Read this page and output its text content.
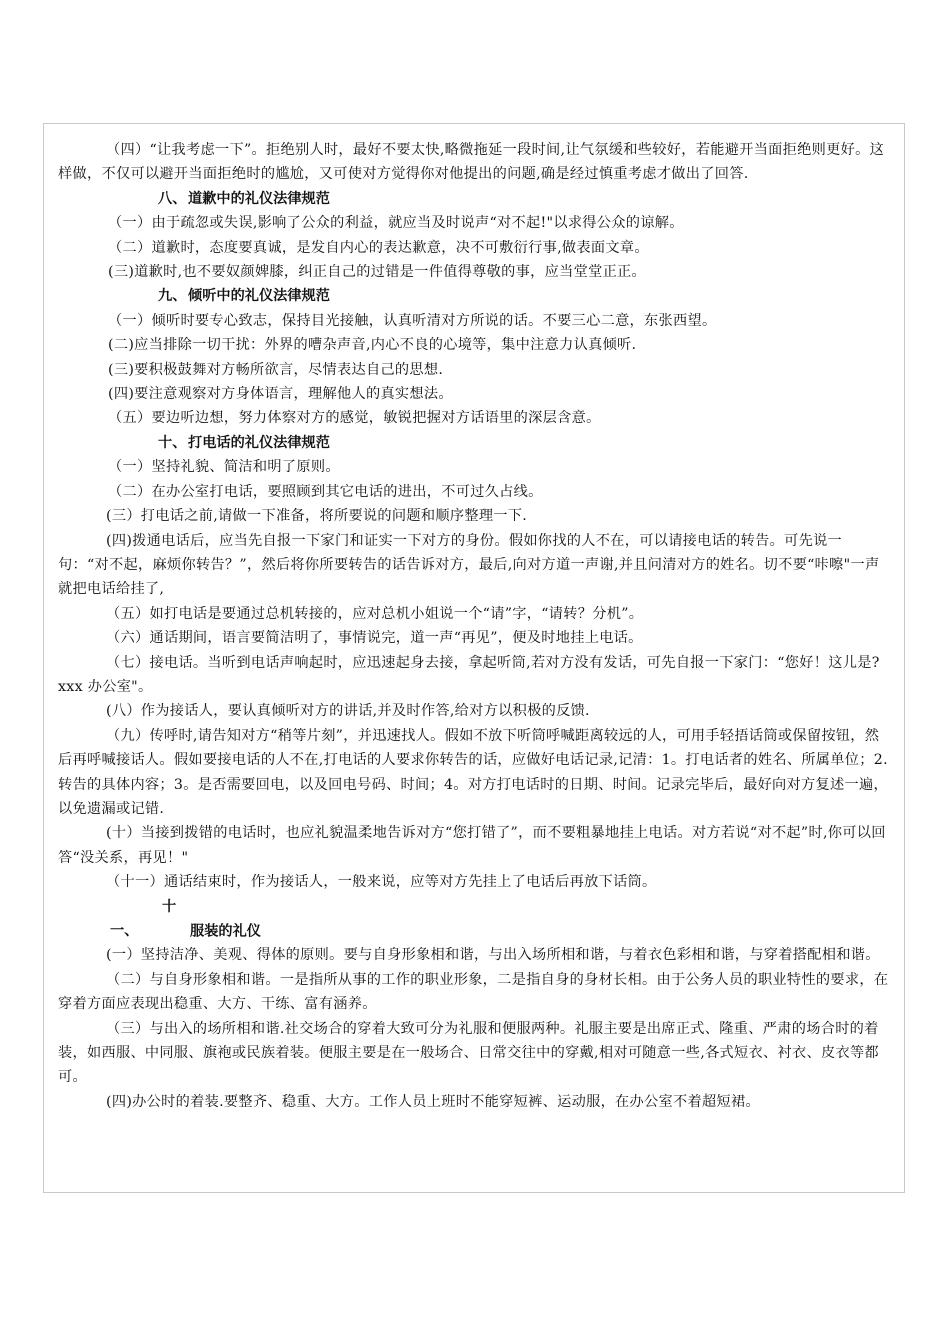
（四）“让我考虑一下”。拒绝别人时，最好不要太快,略微拖延一段时间,让气氛缓和些较好，若能避开当面拒绝则更好。这样做，不仅可以避开当面拒绝时的尴尬，又可使对方觉得你对他提出的问题,确是经过慎重考虑才做出了回答.
八、 道歉中的礼仪法律规范
（一）由于疏忽或失误,影响了公众的利益，就应当及时说声“对不起!"以求得公众的谅解。
（二）道歉时，态度要真诚，是发自内心的表达歉意，决不可敷衍行事,做表面文章。
(三)道歉时,也不要奴颜婢膝，纠正自己的过错是一件值得尊敬的事，应当堂堂正正。
九、 倾听中的礼仪法律规范
（一）倾听时要专心致志，保持目光接触，认真听清对方所说的话。不要三心二意，东张西望。
(二)应当排除一切干扰：外界的嘈杂声音,内心不良的心境等，集中注意力认真倾听.
(三)要积极鼓舞对方畅所欲言，尽情表达自己的思想.
(四)要注意观察对方身体语言，理解他人的真实想法。
（五）要边听边想，努力体察对方的感觉，敏锐把握对方话语里的深层含意。
十、 打电话的礼仪法律规范
（一）坚持礼貌、简洁和明了原则。
（二）在办公室打电话，要照顾到其它电话的进出，不可过久占线。
(三）打电话之前,请做一下准备，将所要说的问题和顺序整理一下.
(四)拨通电话后，应当先自报一下家门和证实一下对方的身份。假如你找的人不在，可以请接电话的转告。可先说一句：“对不起，麻烦你转告？”，然后将你所要转告的话告诉对方，最后,向对方道一声谢,并且问清对方的姓名。切不要“咔嚓"一声就把电话给挂了,
（五）如打电话是要通过总机转接的，应对总机小姐说一个“请”字，“请转？分机”。
（六）通话期间，语言要简洁明了，事情说完，道一声“再见”，便及时地挂上电话。
（七）接电话。当听到电话声响起时，应迅速起身去接，拿起听筒,若对方没有发话，可先自报一下家门：“您好！这儿是?xxx 办公室"。
(八）作为接话人，要认真倾听对方的讲话,并及时作答,给对方以积极的反馈.
（九）传呼时,请告知对方“稍等片刻”，并迅速找人。假如不放下听筒呼喊距离较远的人，可用手轻捂话筒或保留按钮，然后再呼喊接话人。假如要接电话的人不在,打电话的人要求你转告的话，应做好电话记录,记清：1。打电话者的姓名、所属单位；2.转告的具体内容；3。是否需要回电，以及回电号码、时间；4。对方打电话时的日期、时间。记录完毕后，最好向对方复述一遍，以免遗漏或记错.
(十）当接到拨错的电话时，也应礼貌温柔地告诉对方“您打错了”，而不要粗暴地挂上电话。对方若说“对不起”时,你可以回答“没关系，再见！"
（十一）通话结束时，作为接话人，一般来说，应等对方先挂上了电话后再放下话筒。
十一、	服装的礼仪
(一）坚持洁净、美观、得体的原则。要与自身形象相和谐，与出入场所相和谐，与着衣色彩相和谐，与穿着搭配相和谐。
（二）与自身形象相和谐。一是指所从事的工作的职业形象，二是指自身的身材长相。由于公务人员的职业特性的要求，在穿着方面应表现出稳重、大方、干练、富有涵养。
（三）与出入的场所相和谐.社交场合的穿着大致可分为礼服和便服两种。礼服主要是出席正式、隆重、严肃的场合时的着装，如西服、中同服、旗袍或民族着装。便服主要是在一般场合、日常交往中的穿戴,相对可随意一些,各式短衣、衬衣、皮衣等都可。
(四)办公时的着装.要整齐、稳重、大方。工作人员上班时不能穿短裤、运动服，在办公室不着超短裙。
